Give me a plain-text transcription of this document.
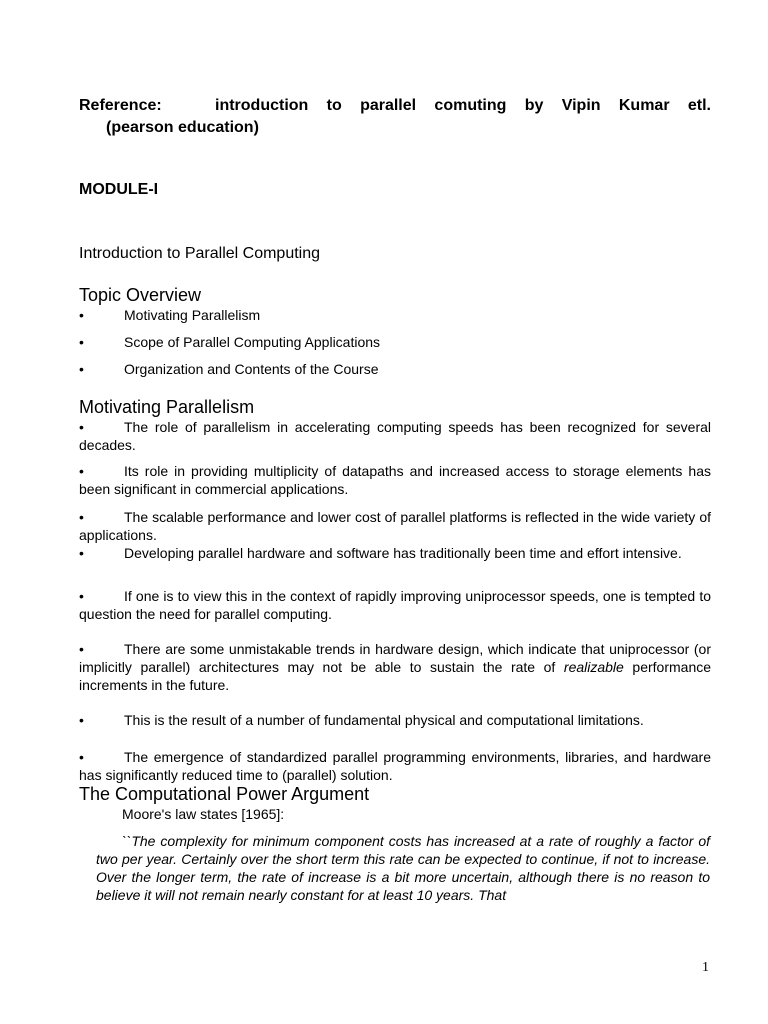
Reference:	introduction to parallel comuting by Vipin Kumar etl.
(pearson education)
MODULE-I
Introduction to Parallel Computing
Topic Overview
•	Motivating Parallelism
•	Scope of Parallel Computing Applications
•	Organization and Contents of the Course
Motivating Parallelism
•	The role of parallelism in accelerating computing speeds has been recognized for several decades.
•	Its role in providing multiplicity of datapaths and increased access to storage elements has been significant in commercial applications.
•	The scalable performance and lower cost of parallel platforms is reflected in the wide variety of applications.
•	Developing parallel hardware and software has traditionally been time and effort intensive.
•	If one is to view this in the context of rapidly improving uniprocessor speeds, one is tempted to question the need for parallel computing.
•	There are some unmistakable trends in hardware design, which indicate that uniprocessor (or implicitly parallel) architectures may not be able to sustain the rate of realizable performance increments in the future.
•	This is the result of a number of fundamental physical and computational limitations.
•	The emergence of standardized parallel programming environments, libraries, and hardware has significantly reduced time to (parallel) solution.
The Computational Power Argument
Moore's law states [1965]:
``The complexity for minimum component costs has increased at a rate of roughly a factor of two per year. Certainly over the short term this rate can be expected to continue, if not to increase. Over the longer term, the rate of increase is a bit more uncertain, although there is no reason to believe it will not remain nearly constant for at least 10 years. That
1
